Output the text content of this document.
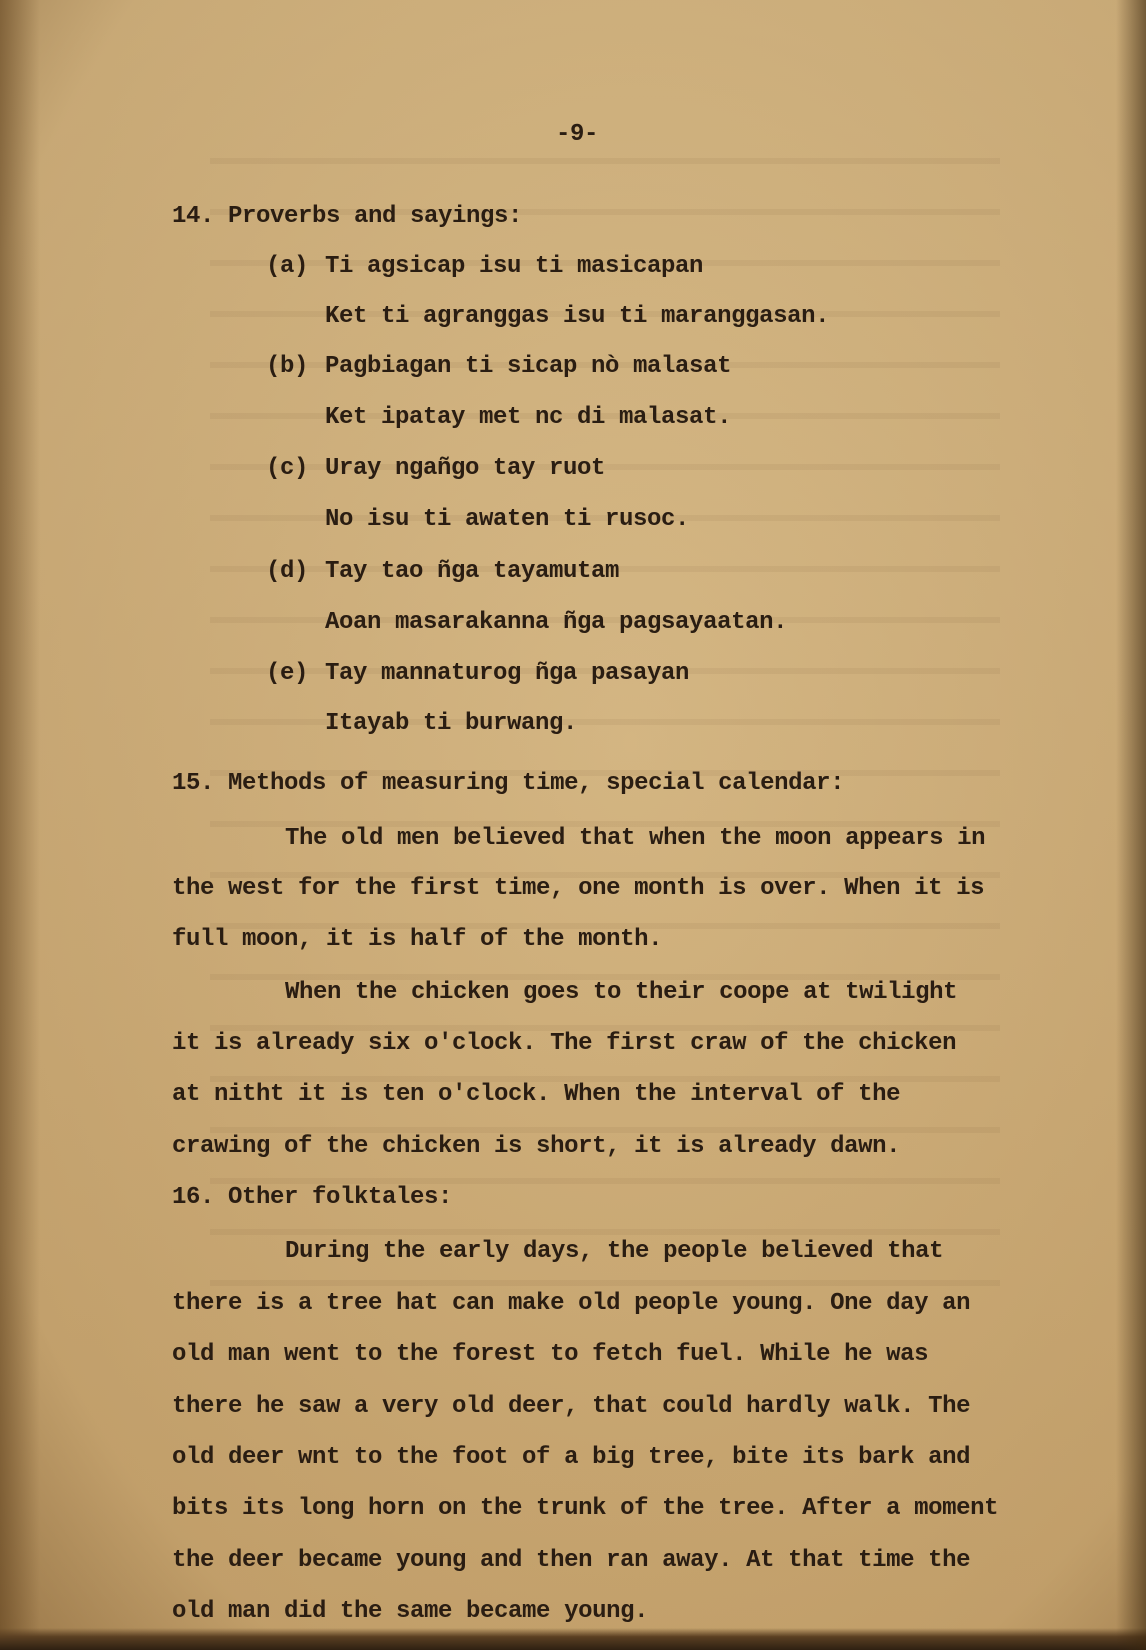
-9-
14. Proverbs and sayings:
(a) Ti agsicap isu ti masicapan
Ket ti agranggas isu ti maranggasan.
(b) Pagbiagan ti sicap nò malasat
Ket ipatay met nc di malasat.
(c) Uray ngañgo tay ruot
No isu ti awaten ti rusoc.
(d) Tay tao ñga tayamutam
Aoan masarakanna ñga pagsayaatan.
(e) Tay mannaturog ñga pasayan
Itayab ti burwang.
15. Methods of measuring time, special calendar:
The old men believed that when the moon appears in
the west for the first time, one month is over. When it is
full moon, it is half of the month.
When the chicken goes to their coope at twilight
it is already six o'clock. The first craw of the chicken
at nitht it is ten o'clock. When the interval of the
crawing of the chicken is short, it is already dawn.
16. Other folktales:
During the early days, the people believed that
there is a tree hat can make old people young. One day an
old man went to the forest to fetch fuel. While he was
there he saw a very old deer, that could hardly walk. The
old deer wnt to the foot of a big tree, bite its bark and
bits its long horn on the trunk of the tree. After a moment
the deer became young and then ran away. At that time the
old man did the same became young.
